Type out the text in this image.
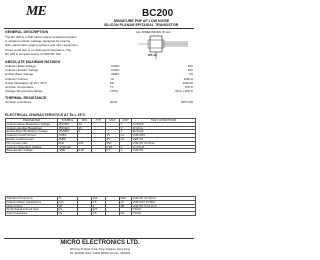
ME	BC200
MINIATURE PNP AF LOW NOISE
SILICON PLANAR EPITAXIAL TRANSISTOR
GENERAL DESCRIPTION
The BC 200 is a PNP silicon planar epitaxial transistor
in miniature plastic package designed for hearing
aids, pacemaker, paging systems and other equipment
where small size is of paramount importance. The
BC 200 is complementary to NPN BC 199.
ALL DIMENSIONS IN mm
MT-40
ABSOLUTE MAXIMUM RATINGS
Collector-Base Voltage	-VCBO	30V
Collector-Emitter Voltage	-VCEO	25V
Emitter-Base Voltage	-VEBO	5V
Collector Current	-IC	100mA
Power Dissipation @ Ta = 25°C	PD	200mW
Junction Temperature	TJ	150°C
Storage Temperature Range	TSTG	-55 to +150°C
THERMAL RESISTANCE
Junction to Ambient	RθJA	625°C/W
ELECTRICAL CHARACTERISTICS AT Ta = 25°C
PARAMETER	SYMBOL	MIN	TYP	MAX	UNIT	TEST CONDITIONS
Collector-Base Breakdown Voltage	-BVCBO	30			V	IC=10µA
Collector-Emitter Breakdown	-BVCEO	25			V	IC=2mA
Emitter-Base Breakdown Voltage	-BVEBO	5			V	IE=10µA
Collector Cutoff Current	-ICBO			15	nA	VCB=30V
Emitter Cutoff Current	-IEBO			15	nA	VEB=4V
DC Current Gain	hFE	125		500		VCE=5V IC=2mA
Collector Saturation Voltage	-VCE(sat)			0.25	V	IC=10mA
Base-Emitter Voltage	-VBE	0.55		0.7	V	VCE=5V
Transition Frequency	fT		150		MHz	VCE=5V IC=10mA
Collector-Base Capacitance	Ccb		4.5		pF	VCB=10V f=1MHz
Noise Figure	NF		2		dB	VCE=5V IC=0.2mA
Small Signal Current Gain	hfe		220			f=1kHz
Input Impedance	hie		4.5		kΩ	f=1kHz
MICRO ELECTRONICS LTD.
38 Hung To Road, Kwun Tong, Kowloon, Hong Kong
Tel: 3430421 Telex: 44244 MICRO HX Fax: 3410321
